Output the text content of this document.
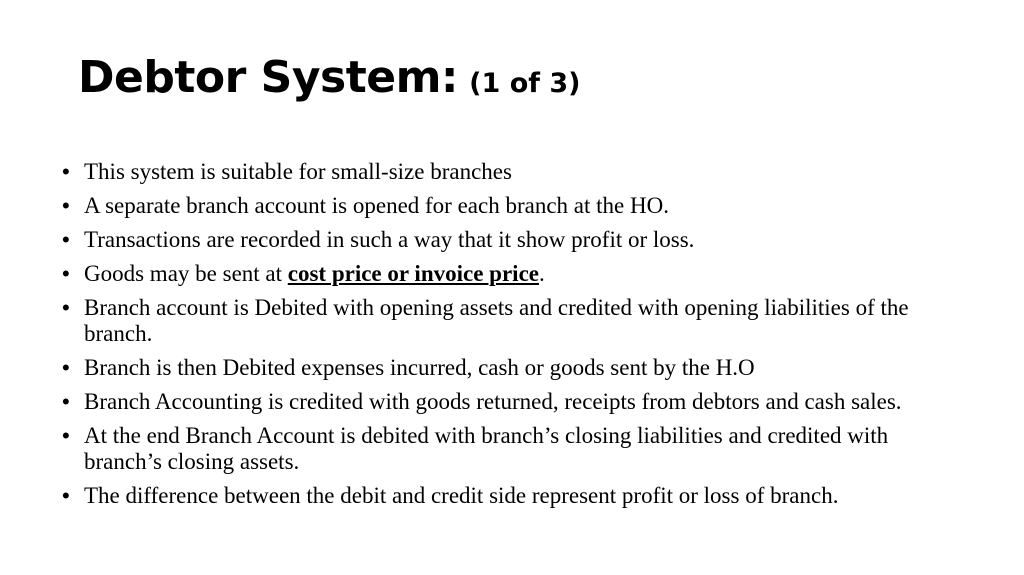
Debtor System: (1 of 3)
• This system is suitable for small-size branches
• A separate branch account is opened for each branch at the HO.
• Transactions are recorded in such a way that it show profit or loss.
• Goods may be sent at cost price or invoice price.
• Branch account is Debited with opening assets and credited with opening liabilities of the branch.
• Branch is then Debited expenses incurred, cash or goods sent by the H.O
• Branch Accounting is credited with goods returned, receipts from debtors and cash sales.
• At the end Branch Account is debited with branch’s closing liabilities and credited with branch’s closing assets.
• The difference between the debit and credit side represent profit or loss of branch.
